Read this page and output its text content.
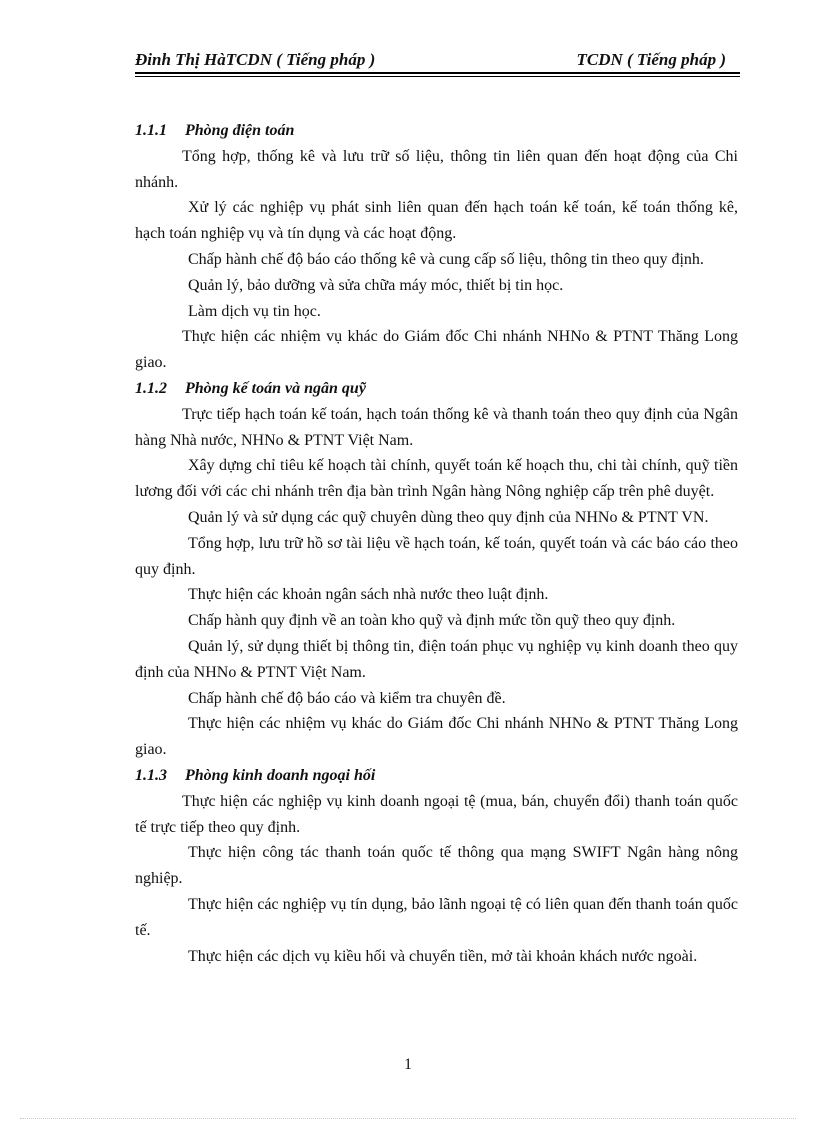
Đinh Thị HàTCDN ( Tiếng pháp )	TCDN ( Tiếng pháp )

1.1.1 Phòng điện toán

Tổng hợp, thống kê và lưu trữ số liệu, thông tin liên quan đến hoạt động của Chi nhánh.

Xử lý các nghiệp vụ phát sinh liên quan đến hạch toán kế toán, kế toán thống kê, hạch toán nghiệp vụ và tín dụng và các hoạt động.

Chấp hành chế độ báo cáo thống kê và cung cấp số liệu, thông tin theo quy định.

Quản lý, bảo dưỡng và sửa chữa máy móc, thiết bị tin học.

Làm dịch vụ tin học.

Thực hiện các nhiệm vụ khác do Giám đốc Chi nhánh NHNo & PTNT Thăng Long giao.

1.1.2 Phòng kế toán và ngân quỹ

Trực tiếp hạch toán kế toán, hạch toán thống kê và thanh toán theo quy định của Ngân hàng Nhà nước, NHNo & PTNT Việt Nam.

Xây dựng chỉ tiêu kế hoạch tài chính, quyết toán kế hoạch thu, chi tài chính, quỹ tiền lương đối với các chi nhánh trên địa bàn trình Ngân hàng Nông nghiệp cấp trên phê duyệt.

Quản lý và sử dụng các quỹ chuyên dùng theo quy định của NHNo & PTNT VN.

Tổng hợp, lưu trữ hồ sơ tài liệu về hạch toán, kế toán, quyết toán và các báo cáo theo quy định.

Thực hiện các khoản ngân sách nhà nước theo luật định.

Chấp hành quy định về an toàn kho quỹ và định mức tồn quỹ theo quy định.

Quản lý, sử dụng thiết bị thông tin, điện toán phục vụ nghiệp vụ kinh doanh theo quy định của NHNo & PTNT Việt Nam.

Chấp hành chế độ báo cáo và kiểm tra chuyên đề.

Thực hiện các nhiệm vụ khác do Giám đốc Chi nhánh NHNo & PTNT Thăng Long giao.

1.1.3 Phòng kinh doanh ngoại hối

Thực hiện các nghiệp vụ kinh doanh ngoại tệ (mua, bán, chuyển đổi) thanh toán quốc tế trực tiếp theo quy định.

Thực hiện công tác thanh toán quốc tế thông qua mạng SWIFT Ngân hàng nông nghiệp.

Thực hiện các nghiệp vụ tín dụng, bảo lãnh ngoại tệ có liên quan đến thanh toán quốc tế.

Thực hiện các dịch vụ kiều hối và chuyển tiền, mở tài khoản khách nước ngoài.

1
